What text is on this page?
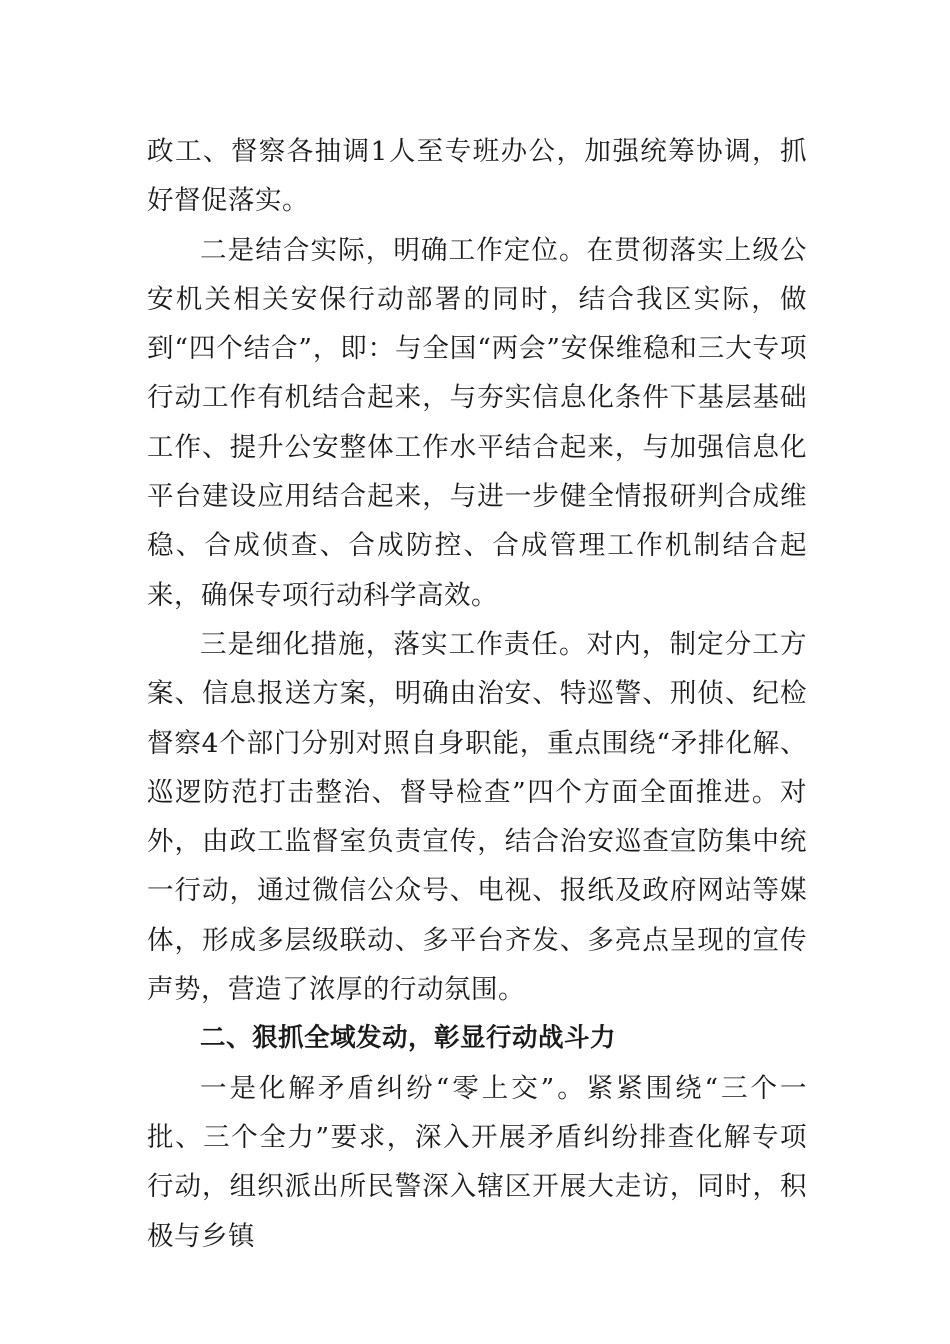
政工、督察各抽调1人至专班办公，加强统筹协调，抓好督促落实。

二是结合实际，明确工作定位。在贯彻落实上级公安机关相关安保行动部署的同时，结合我区实际，做到“四个结合”，即：与全国“两会”安保维稳和三大专项行动工作有机结合起来，与夯实信息化条件下基层基础工作、提升公安整体工作水平结合起来，与加强信息化平台建设应用结合起来，与进一步健全情报研判合成维稳、合成侦查、合成防控、合成管理工作机制结合起来，确保专项行动科学高效。

三是细化措施，落实工作责任。对内，制定分工方案、信息报送方案，明确由治安、特巡警、刑侦、纪检督察4个部门分别对照自身职能，重点围绕“矛排化解、巡逻防范打击整治、督导检查”四个方面全面推进。对外，由政工监督室负责宣传，结合治安巡查宣防集中统一行动，通过微信公众号、电视、报纸及政府网站等媒体，形成多层级联动、多平台齐发、多亮点呈现的宣传声势，营造了浓厚的行动氛围。

二、狠抓全域发动，彰显行动战斗力

一是化解矛盾纠纷“零上交”。紧紧围绕“三个一批、三个全力”要求，深入开展矛盾纠纷排查化解专项行动，组织派出所民警深入辖区开展大走访，同时，积极与乡镇
